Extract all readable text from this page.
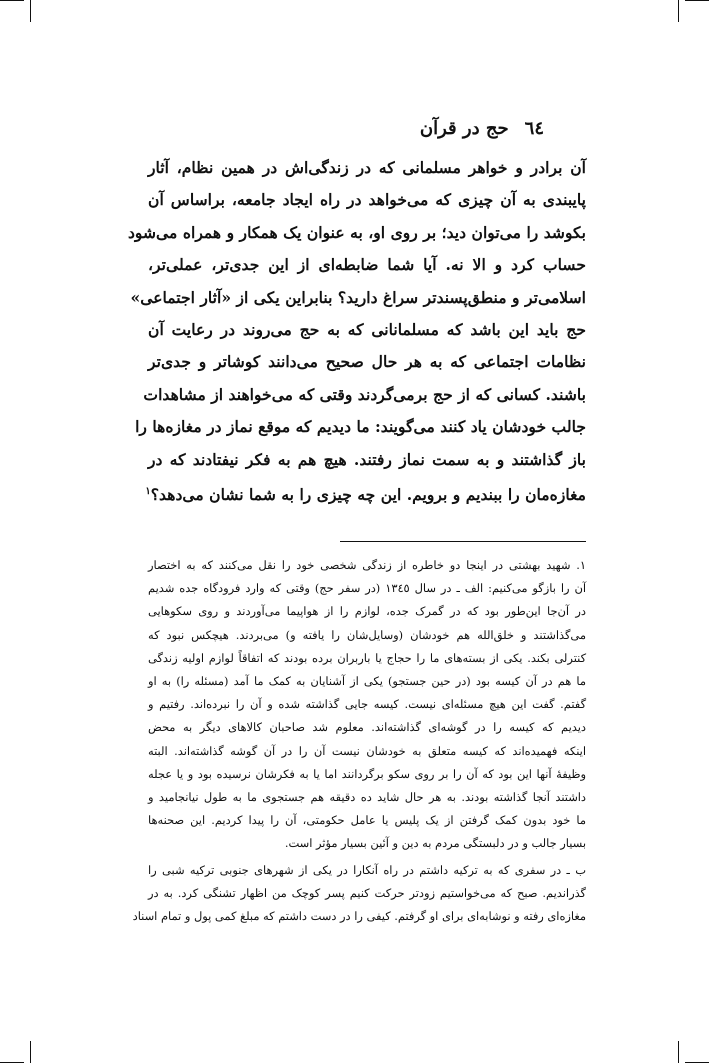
٦٤
حج در قرآن
آن برادر و خواهر مسلمانی که در زندگی‌اش در همین نظام، آثار
پایبندی به آن چیزی که می‌خواهد در راه ایجاد جامعه، براساس آن
بکوشد را می‌توان دید؛ بر روی او، به عنوان یک همکار و همراه می‌شود
حساب کرد و الا نه. آیا شما ضابطه‌ای از این جدی‌تر، عملی‌تر،
اسلامی‌تر و منطق‌پسندتر سراغ دارید؟ بنابراین یکی از «آثار اجتماعی»
حج باید این باشد که مسلمانانی که به حج می‌روند در رعایت آن
نظامات اجتماعی که به هر حال صحیح می‌دانند کوشاتر و جدی‌تر
باشند. کسانی که از حج برمی‌گردند وقتی که می‌خواهند از مشاهدات
جالب خودشان یاد کنند می‌گویند: ما دیدیم که موقع نماز در مغازه‌ها را
باز گذاشتند و به سمت نماز رفتند. هیچ هم به فکر نیفتادند که در
مغازه‌مان را ببندیم و برویم. این چه چیزی را به شما نشان می‌دهد؟$^١$
١. شهید بهشتی در اینجا دو خاطره از زندگی شخصی خود را نقل می‌کنند که به اختصار
آن را بازگو می‌کنیم: الف ـ در سال ١٣٤٥ (در سفر حج) وقتی که وارد فرودگاه جده شدیم
در آن‌جا این‌طور بود که در گمرک جده، لوازم را از هواپیما می‌آوردند و روی سکوهایی
می‌گذاشتند و خلق‌الله هم خودشان (وسایل‌شان را یافته و) می‌بردند. هیچکس نبود که
کنترلی بکند. یکی از بسته‌های ما را حجاج یا باربران برده بودند که اتفاقاً لوازم اولیه زندگی
ما هم در آن کیسه بود (در حین جستجو) یکی از آشنایان به کمک ما آمد (مسئله را) به او
گفتم. گفت این هیچ مسئله‌ای نیست. کیسه جایی گذاشته شده و آن را نبرده‌اند. رفتیم و
دیدیم که کیسه را در گوشه‌ای گذاشته‌اند. معلوم شد صاحبان کالاهای دیگر به محض
اینکه فهمیده‌اند که کیسه متعلق به خودشان نیست آن را در آن گوشه گذاشته‌اند. البته
وظیفهٔ آنها این بود که آن را بر روی سکو برگردانند اما یا به فکرشان نرسیده بود و یا عجله
داشتند آنجا گذاشته بودند. به هر حال شاید ده دقیقه هم جستجوی ما به طول نیانجامید و
ما خود بدون کمک گرفتن از یک پلیس یا عامل حکومتی، آن را پیدا کردیم. این صحنه‌ها
بسیار جالب و در دلبستگی مردم به دین و آئین بسیار مؤثر است.
ب ـ در سفری که به ترکیه داشتم در راه آنکارا در یکی از شهرهای جنوبی ترکیه شبی را
گذراندیم. صبح که می‌خواستیم زودتر حرکت کنیم پسر کوچک من اظهار تشنگی کرد. به در
مغازه‌ای رفته و نوشابه‌ای برای او گرفتم. کیفی را در دست داشتم که مبلغ کمی پول و تمام اسناد
